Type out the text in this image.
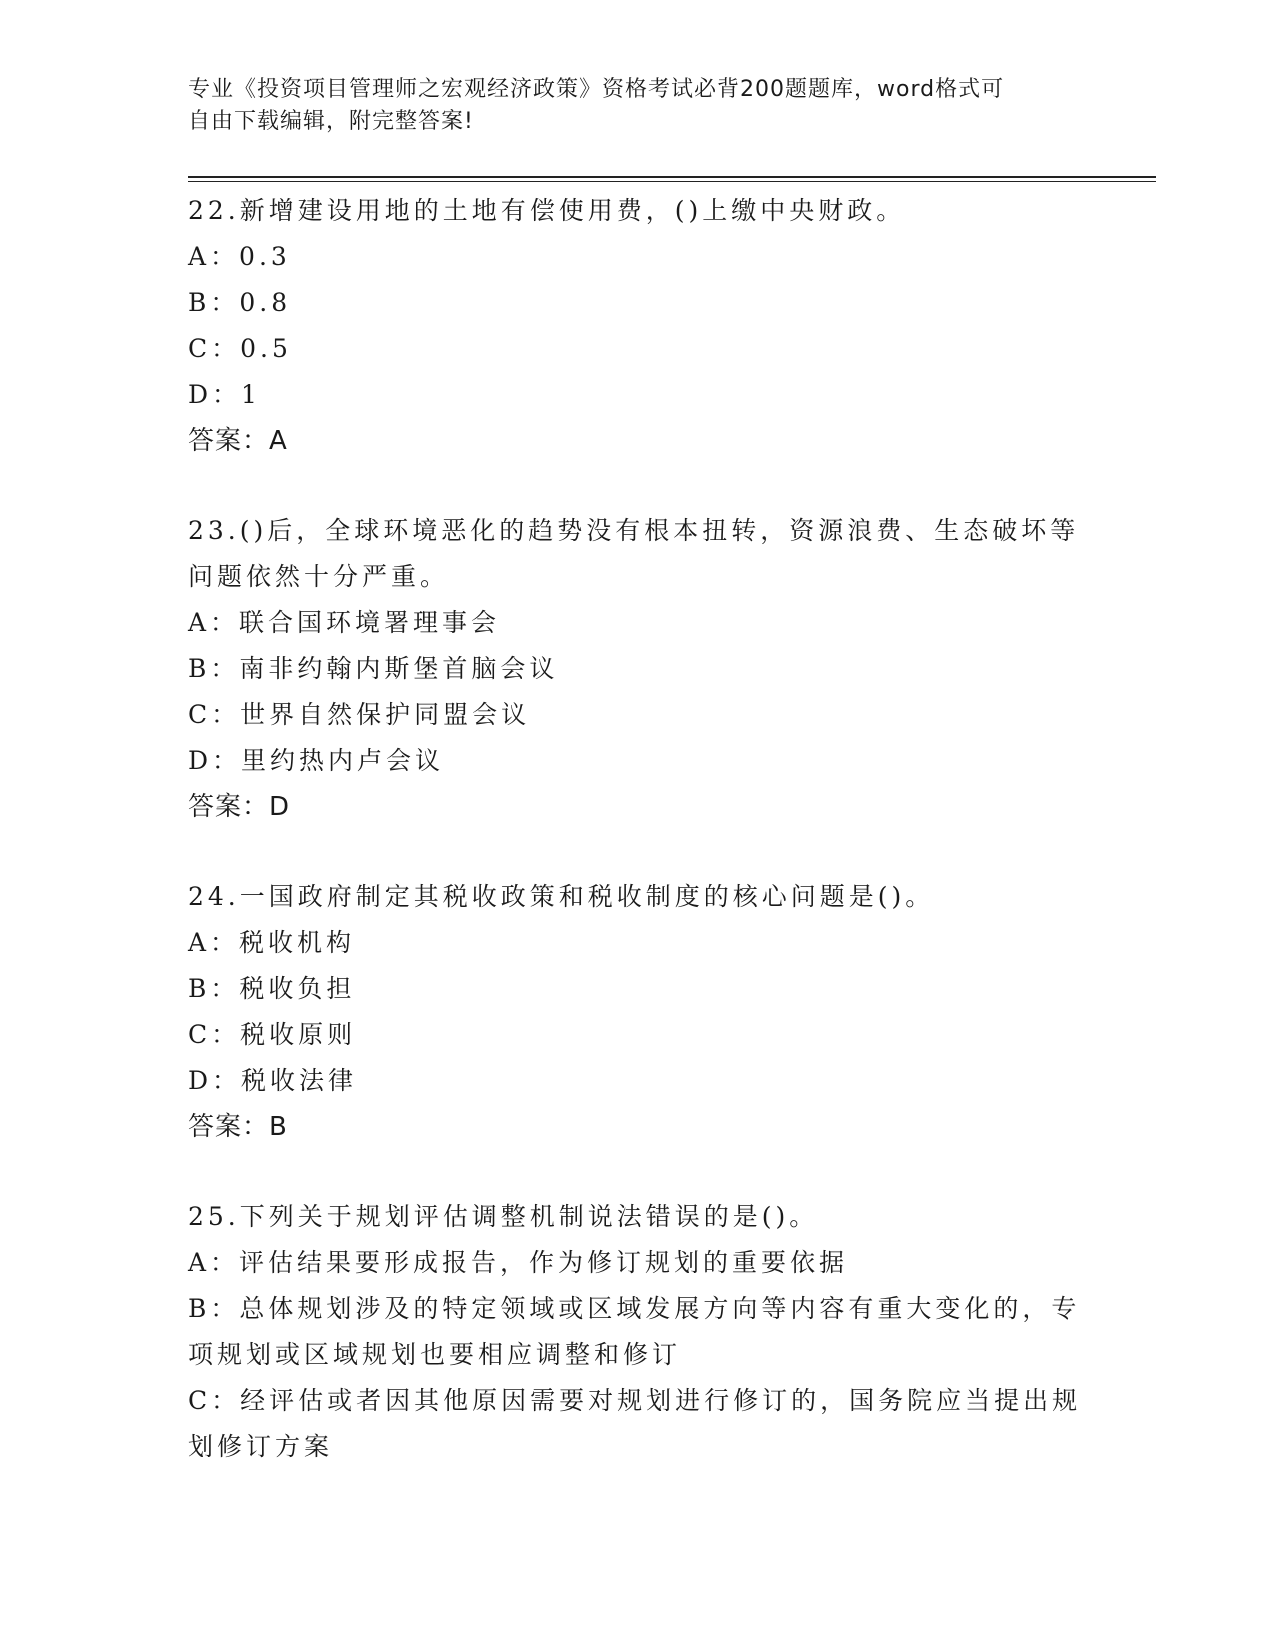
专业《投资项目管理师之宏观经济政策》资格考试必背200题题库，word格式可
自由下载编辑，附完整答案!

22.新增建设用地的土地有偿使用费，()上缴中央财政。

A：0.3

B：0.8

C：0.5

D：1

答案：A

23.()后，全球环境恶化的趋势没有根本扭转，资源浪费、生态破坏等

问题依然十分严重。

A：联合国环境署理事会

B：南非约翰内斯堡首脑会议

C：世界自然保护同盟会议

D：里约热内卢会议

答案：D

24.一国政府制定其税收政策和税收制度的核心问题是()。

A：税收机构

B：税收负担

C：税收原则

D：税收法律

答案：B

25.下列关于规划评估调整机制说法错误的是()。

A：评估结果要形成报告，作为修订规划的重要依据

B：总体规划涉及的特定领域或区域发展方向等内容有重大变化的，专

项规划或区域规划也要相应调整和修订

C：经评估或者因其他原因需要对规划进行修订的，国务院应当提出规

划修订方案
